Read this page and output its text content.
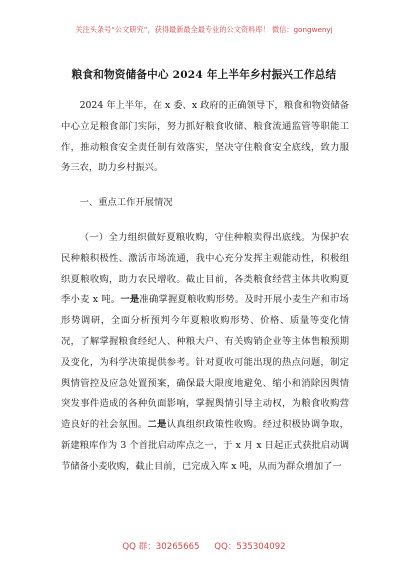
关注头条号“公文研究”，获得最新最全最专业的公文资料库！ 微信：gongwenyj
粮食和物资储备中心 2024 年上半年乡村振兴工作总结

2024 年上半年，在 x 委、x 政府的正确领导下，粮食和物资储备中心立足粮食部门实际，努力抓好粮食收储、粮食流通监管等职能工作，推动粮食安全责任制有效落实，坚决守住粮食安全底线，致力服务三农，助力乡村振兴。

一、重点工作开展情况

（一）全力组织做好夏粮收购，守住种粮卖得出底线。为保护农民种粮积极性、激活市场流通，我中心充分发挥主观能动性，积极组织夏粮收购，助力农民增收。截止目前，各类粮食经营主体共收购夏季小麦 x 吨。一是准确掌握夏粮收购形势。及时开展小麦生产和市场形势调研，全面分析预判今年夏粮收购形势、价格、质量等变化情况，了解掌握粮食经纪人、种粮大户、有关购销企业等主体售粮预期及变化，为科学决策提供参考。针对夏收可能出现的热点问题，制定舆情管控及应急处置预案，确保最大限度地避免、缩小和消除因舆情突发事件造成的各种负面影响，掌握舆情引导主动权，为粮食收购营造良好的社会氛围。二是认真组织政策性收购。经过积极协调争取，新建粮库作为 3 个首批启动库点之一，于 x 月 x 日起正式获批启动调节储备小麦收购，截止目前，已完成入库 x 吨，从而为群众增加了一

QQ 群：30265665 QQ：535304092
